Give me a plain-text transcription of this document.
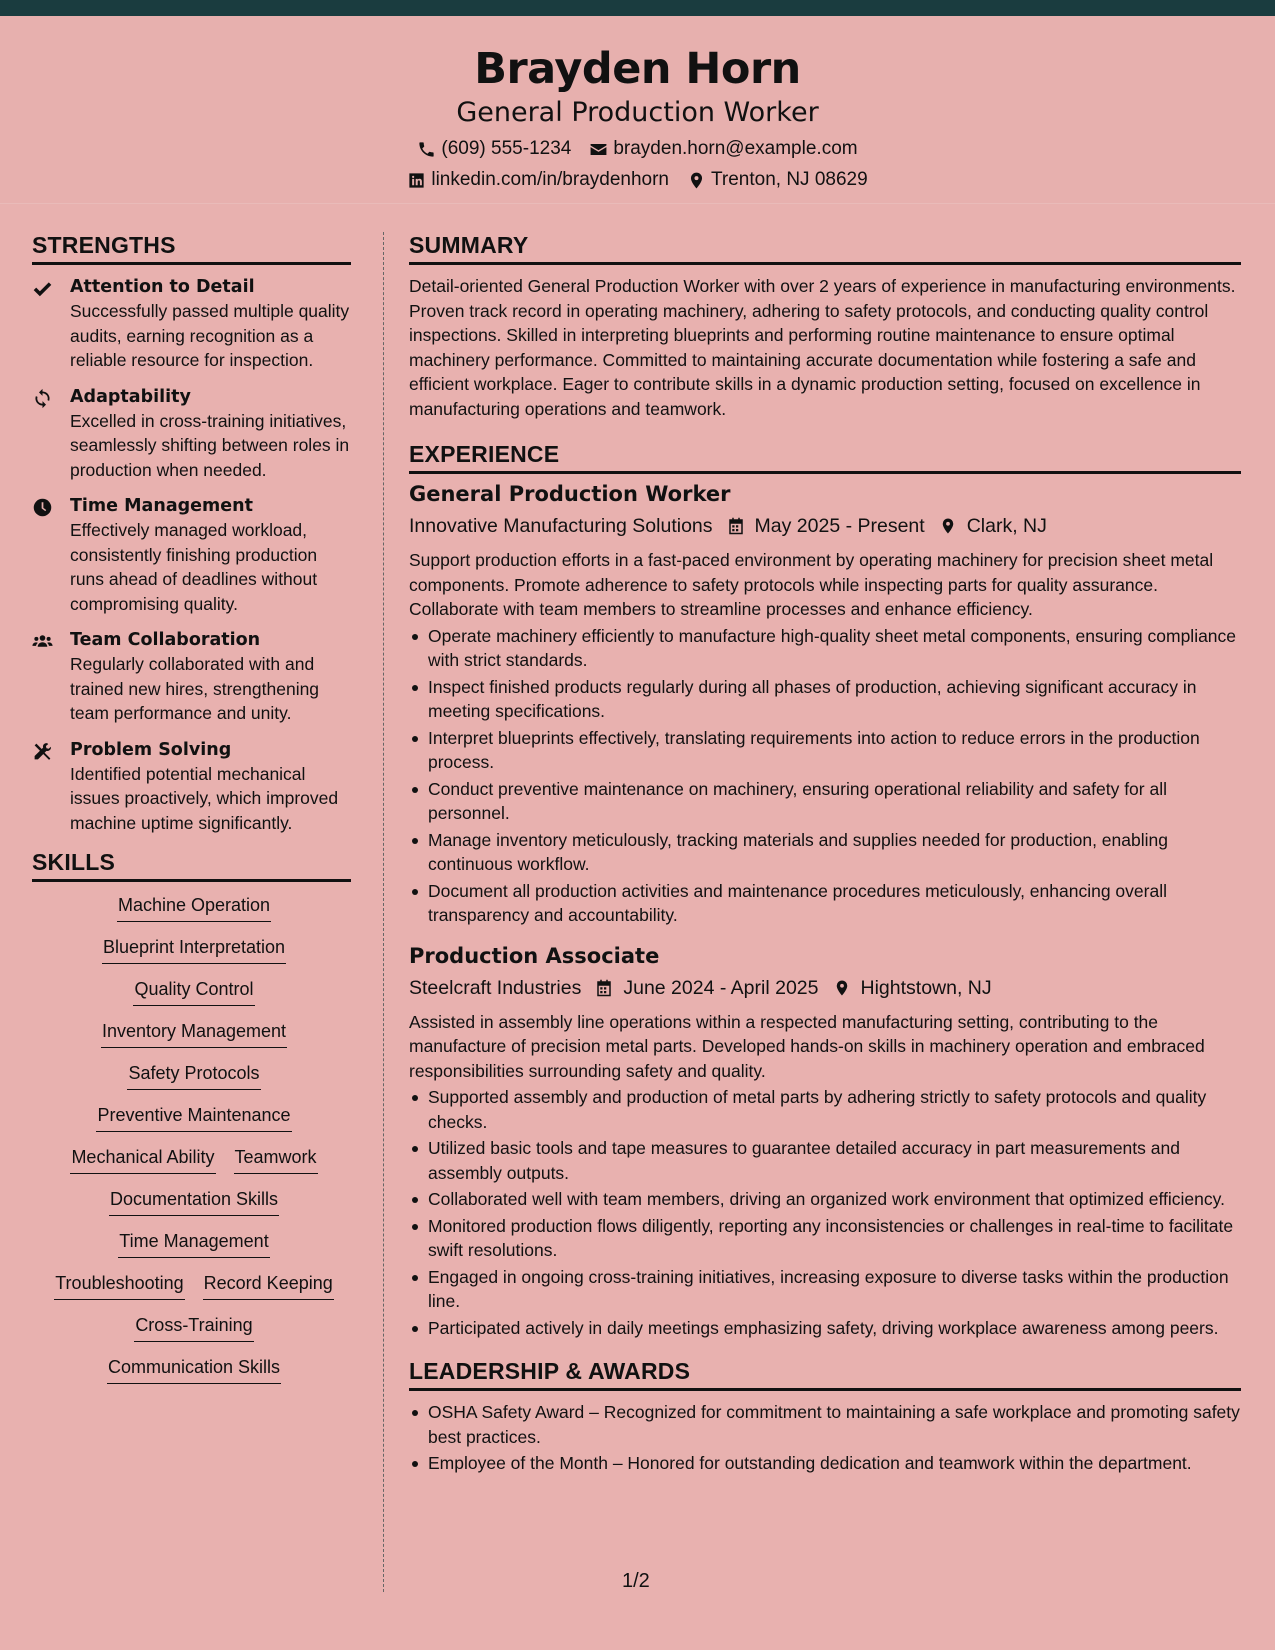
Brayden Horn
General Production Worker
(609) 555-1234 brayden.horn@example.com
linkedin.com/in/braydenhorn Trenton, NJ 08629
STRENGTHS
Attention to Detail
Successfully passed multiple quality audits, earning recognition as a reliable resource for inspection.
Adaptability
Excelled in cross-training initiatives, seamlessly shifting between roles in production when needed.
Time Management
Effectively managed workload, consistently finishing production runs ahead of deadlines without compromising quality.
Team Collaboration
Regularly collaborated with and trained new hires, strengthening team performance and unity.
Problem Solving
Identified potential mechanical issues proactively, which improved machine uptime significantly.
SKILLS
Machine Operation
Blueprint Interpretation
Quality Control
Inventory Management
Safety Protocols
Preventive Maintenance
Mechanical Ability Teamwork
Documentation Skills
Time Management
Troubleshooting Record Keeping
Cross-Training
Communication Skills
SUMMARY

Detail-oriented General Production Worker with over 2 years of experience in manufacturing environments. Proven track record in operating machinery, adhering to safety protocols, and conducting quality control inspections. Skilled in interpreting blueprints and performing routine maintenance to ensure optimal machinery performance. Committed to maintaining accurate documentation while fostering a safe and efficient workplace. Eager to contribute skills in a dynamic production setting, focused on excellence in manufacturing operations and teamwork.

EXPERIENCE
General Production Worker
Innovative Manufacturing Solutions May 2025 - Present Clark, NJ

Support production efforts in a fast-paced environment by operating machinery for precision sheet metal components. Promote adherence to safety protocols while inspecting parts for quality assurance. Collaborate with team members to streamline processes and enhance efficiency.

Operate machinery efficiently to manufacture high-quality sheet metal components, ensuring compliance with strict standards.
Inspect finished products regularly during all phases of production, achieving significant accuracy in meeting specifications.
Interpret blueprints effectively, translating requirements into action to reduce errors in the production process.
Conduct preventive maintenance on machinery, ensuring operational reliability and safety for all personnel.
Manage inventory meticulously, tracking materials and supplies needed for production, enabling continuous workflow.
Document all production activities and maintenance procedures meticulously, enhancing overall transparency and accountability.
Production Associate
Steelcraft Industries June 2024 - April 2025 Hightstown, NJ

Assisted in assembly line operations within a respected manufacturing setting, contributing to the manufacture of precision metal parts. Developed hands-on skills in machinery operation and embraced responsibilities surrounding safety and quality.

Supported assembly and production of metal parts by adhering strictly to safety protocols and quality checks.
Utilized basic tools and tape measures to guarantee detailed accuracy in part measurements and assembly outputs.
Collaborated well with team members, driving an organized work environment that optimized efficiency.
Monitored production flows diligently, reporting any inconsistencies or challenges in real-time to facilitate swift resolutions.
Engaged in ongoing cross-training initiatives, increasing exposure to diverse tasks within the production line.
Participated actively in daily meetings emphasizing safety, driving workplace awareness among peers.
LEADERSHIP & AWARDS
OSHA Safety Award – Recognized for commitment to maintaining a safe workplace and promoting safety best practices.
Employee of the Month – Honored for outstanding dedication and teamwork within the department.
1/2
